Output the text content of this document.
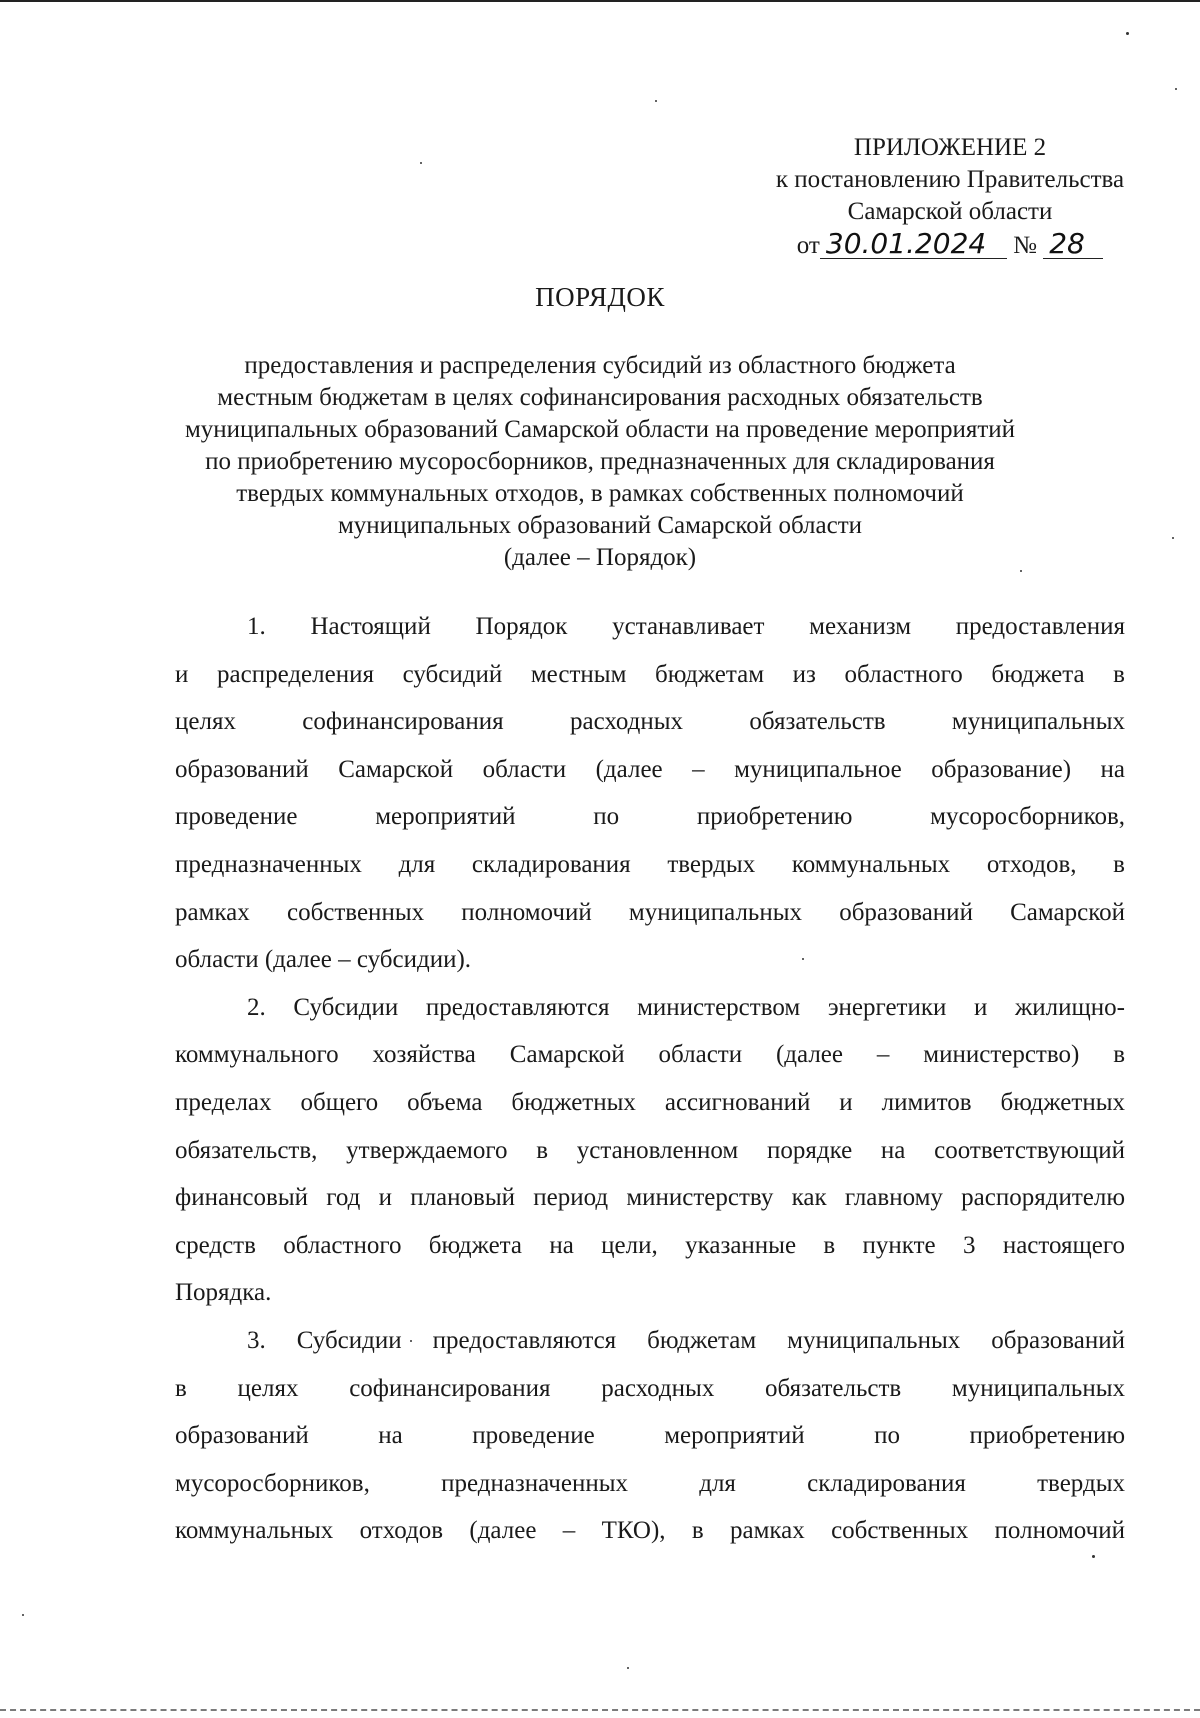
ПРИЛОЖЕНИЕ 2
к постановлению Правительства
Самарской области
от 30.01.2024 № 28
ПОРЯДОК
предоставления и распределения субсидий из областного бюджета
местным бюджетам в целях софинансирования расходных обязательств
муниципальных образований Самарской области на проведение мероприятий
по приобретению мусоросборников, предназначенных для складирования
твердых коммунальных отходов, в рамках собственных полномочий
муниципальных образований Самарской области
(далее – Порядок)

1. Настоящий Порядок устанавливает механизм предоставления
и распределения субсидий местным бюджетам из областного бюджета в
целях софинансирования расходных обязательств муниципальных
образований Самарской области (далее – муниципальное образование) на
проведение мероприятий по приобретению мусоросборников,
предназначенных для складирования твердых коммунальных отходов, в
рамках собственных полномочий муниципальных образований Самарской
области (далее – субсидии).

2. Субсидии предоставляются министерством энергетики и жилищно-
коммунального хозяйства Самарской области (далее – министерство) в
пределах общего объема бюджетных ассигнований и лимитов бюджетных
обязательств, утверждаемого в установленном порядке на соответствующий
финансовый год и плановый период министерству как главному распорядителю
средств областного бюджета на цели, указанные в пункте 3 настоящего
Порядка.

3. Субсидии предоставляются бюджетам муниципальных образований
в целях софинансирования расходных обязательств муниципальных
образований на проведение мероприятий по приобретению
мусоросборников, предназначенных для складирования твердых
коммунальных отходов (далее – ТКО), в рамках собственных полномочий
